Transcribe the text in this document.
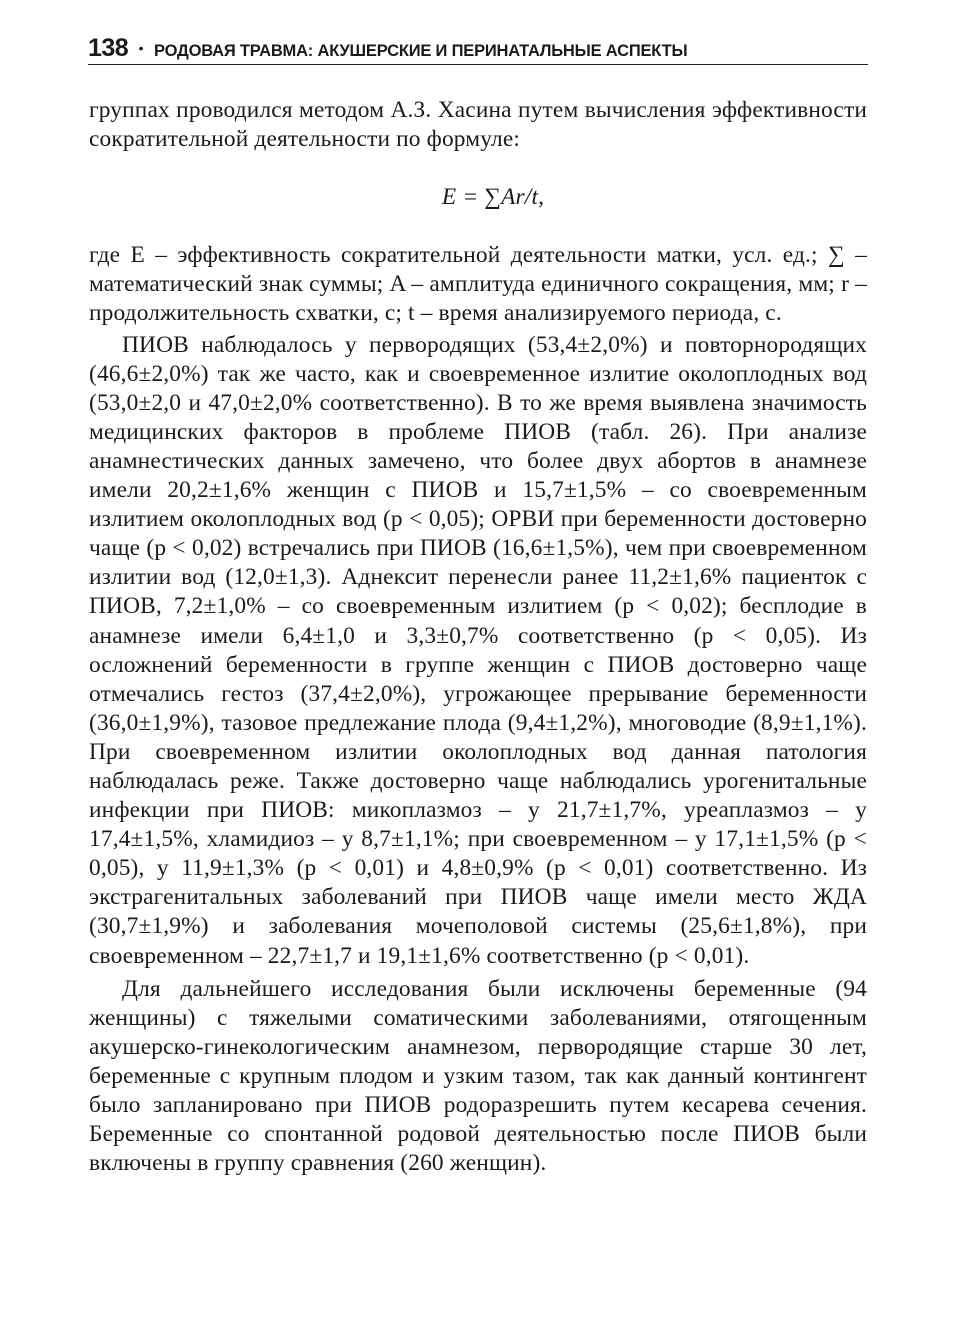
138 • РОДОВАЯ ТРАВМА: АКУШЕРСКИЕ И ПЕРИНАТАЛЬНЫЕ АСПЕКТЫ

группах проводился методом А.З. Хасина путем вычисления эффективности сократительной деятельности по формуле:

E = ∑Ar/t,

где E – эффективность сократительной деятельности матки, усл. ед.; ∑ – математический знак суммы; A – амплитуда единичного сокращения, мм; r – продолжительность схватки, с; t – время анализируемого периода, с.

ПИОВ наблюдалось у первородящих (53,4±2,0%) и повторнородящих (46,6±2,0%) так же часто, как и своевременное излитие околоплодных вод (53,0±2,0 и 47,0±2,0% соответственно). В то же время выявлена значимость медицинских факторов в проблеме ПИОВ (табл. 26). При анализе анамнестических данных замечено, что более двух абортов в анамнезе имели 20,2±1,6% женщин с ПИОВ и 15,7±1,5% – со своевременным излитием околоплодных вод (p < 0,05); ОРВИ при беременности достоверно чаще (p < 0,02) встречались при ПИОВ (16,6±1,5%), чем при своевременном излитии вод (12,0±1,3). Аднексит перенесли ранее 11,2±1,6% пациенток с ПИОВ, 7,2±1,0% – со своевременным излитием (p < 0,02); бесплодие в анамнезе имели 6,4±1,0 и 3,3±0,7% соответственно (p < 0,05). Из осложнений беременности в группе женщин с ПИОВ достоверно чаще отмечались гестоз (37,4±2,0%), угрожающее прерывание беременности (36,0±1,9%), тазовое предлежание плода (9,4±1,2%), многоводие (8,9±1,1%). При своевременном излитии околоплодных вод данная патология наблюдалась реже. Также достоверно чаще наблюдались урогенитальные инфекции при ПИОВ: микоплазмоз – у 21,7±1,7%, уреаплазмоз – у 17,4±1,5%, хламидиоз – у 8,7±1,1%; при своевременном – у 17,1±1,5% (p < 0,05), у 11,9±1,3% (p < 0,01) и 4,8±0,9% (p < 0,01) соответственно. Из экстрагенитальных заболеваний при ПИОВ чаще имели место ЖДА (30,7±1,9%) и заболевания мочеполовой системы (25,6±1,8%), при своевременном – 22,7±1,7 и 19,1±1,6% соответственно (p < 0,01).

Для дальнейшего исследования были исключены беременные (94 женщины) с тяжелыми соматическими заболеваниями, отягощенным акушерско-гинекологическим анамнезом, первородящие старше 30 лет, беременные с крупным плодом и узким тазом, так как данный контингент было запланировано при ПИОВ родоразрешить путем кесарева сечения. Беременные со спонтанной родовой деятельностью после ПИОВ были включены в группу сравнения (260 женщин).
